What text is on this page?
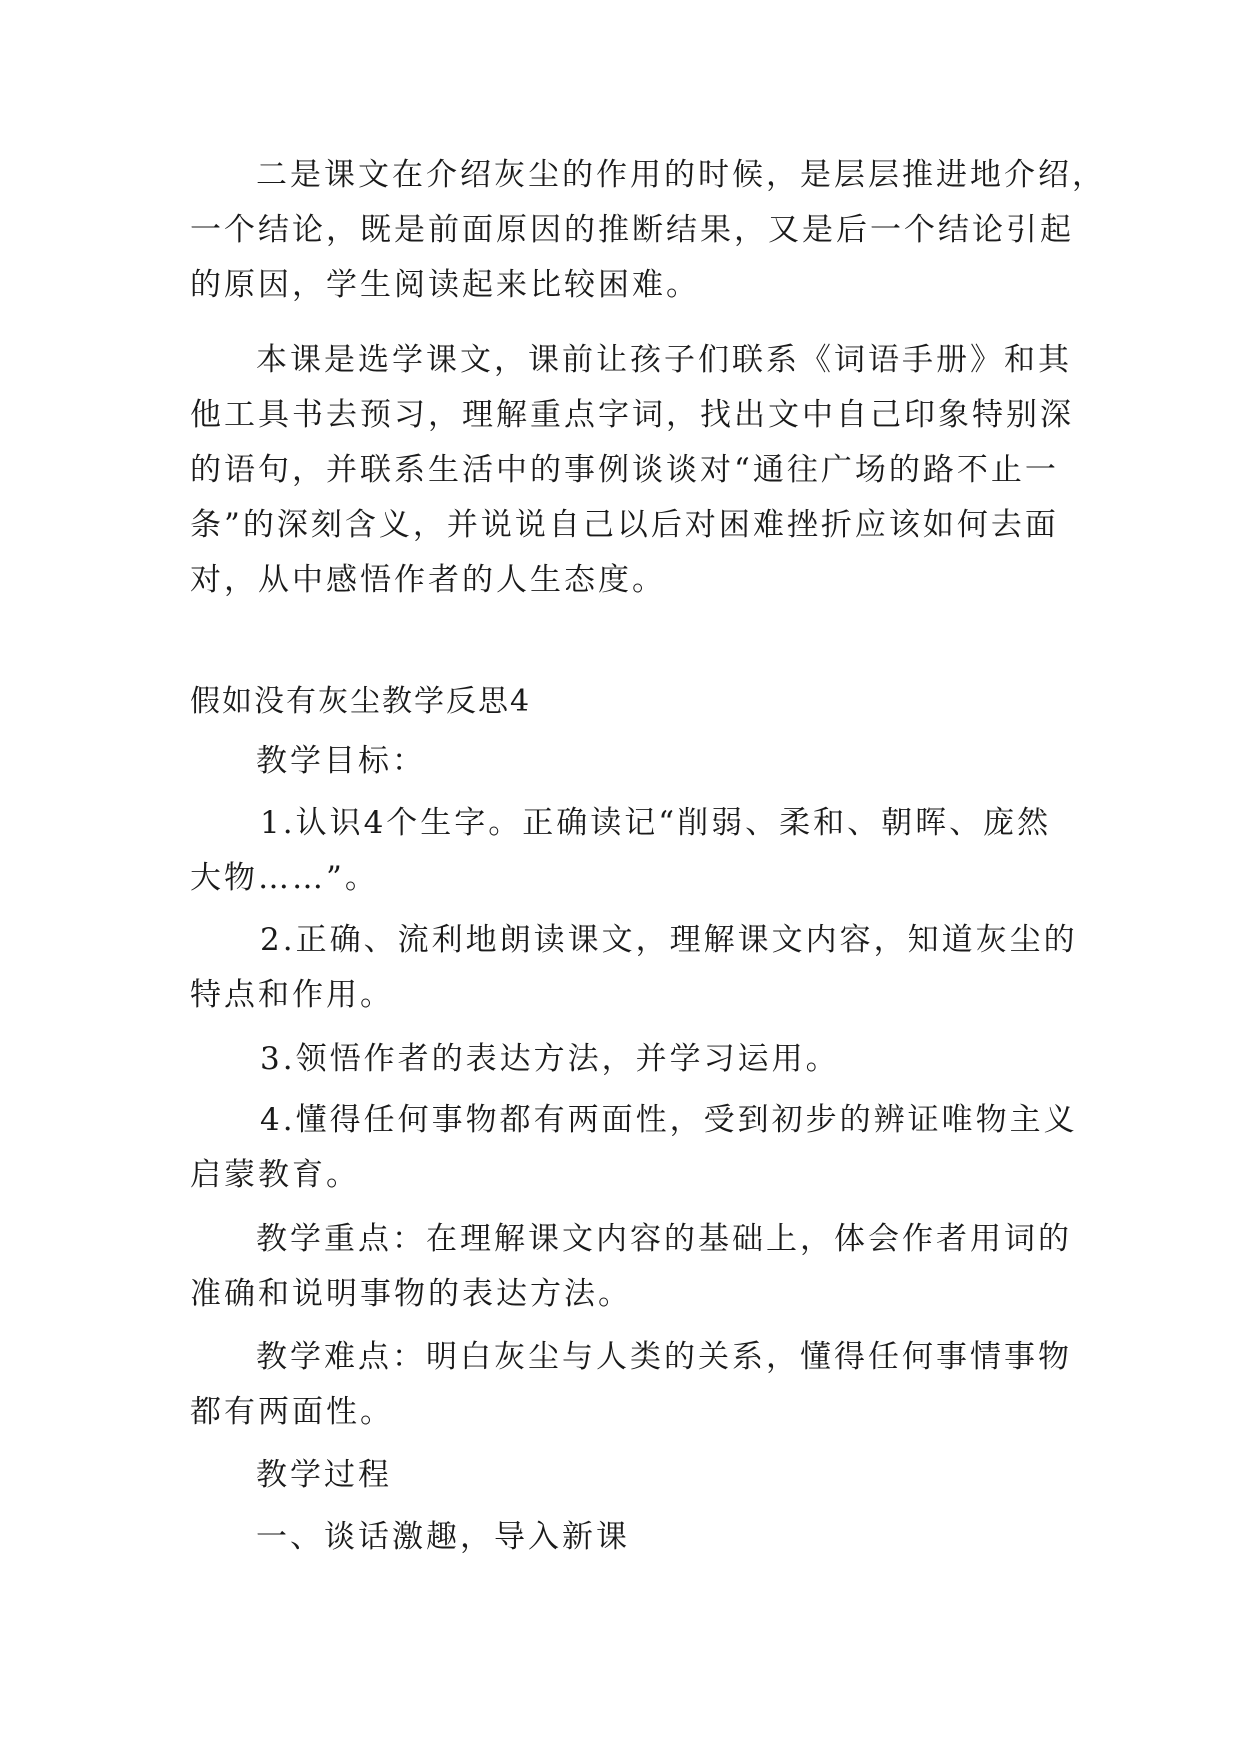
二是课文在介绍灰尘的作用的时候，是层层推进地介绍，
一个结论，既是前面原因的推断结果，又是后一个结论引起
的原因，学生阅读起来比较困难。
本课是选学课文，课前让孩子们联系《词语手册》和其
他工具书去预习，理解重点字词，找出文中自己印象特别深
的语句，并联系生活中的事例谈谈对“通往广场的路不止一
条”的深刻含义，并说说自己以后对困难挫折应该如何去面
对，从中感悟作者的人生态度。
假如没有灰尘教学反思4
教学目标：
1.认识4个生字。正确读记“削弱、柔和、朝晖、庞然
大物……”。
2.正确、流利地朗读课文，理解课文内容，知道灰尘的
特点和作用。
3.领悟作者的表达方法，并学习运用。
4.懂得任何事物都有两面性，受到初步的辨证唯物主义
启蒙教育。
教学重点：在理解课文内容的基础上，体会作者用词的
准确和说明事物的表达方法。
教学难点：明白灰尘与人类的关系，懂得任何事情事物
都有两面性。
教学过程
一、谈话激趣，导入新课
